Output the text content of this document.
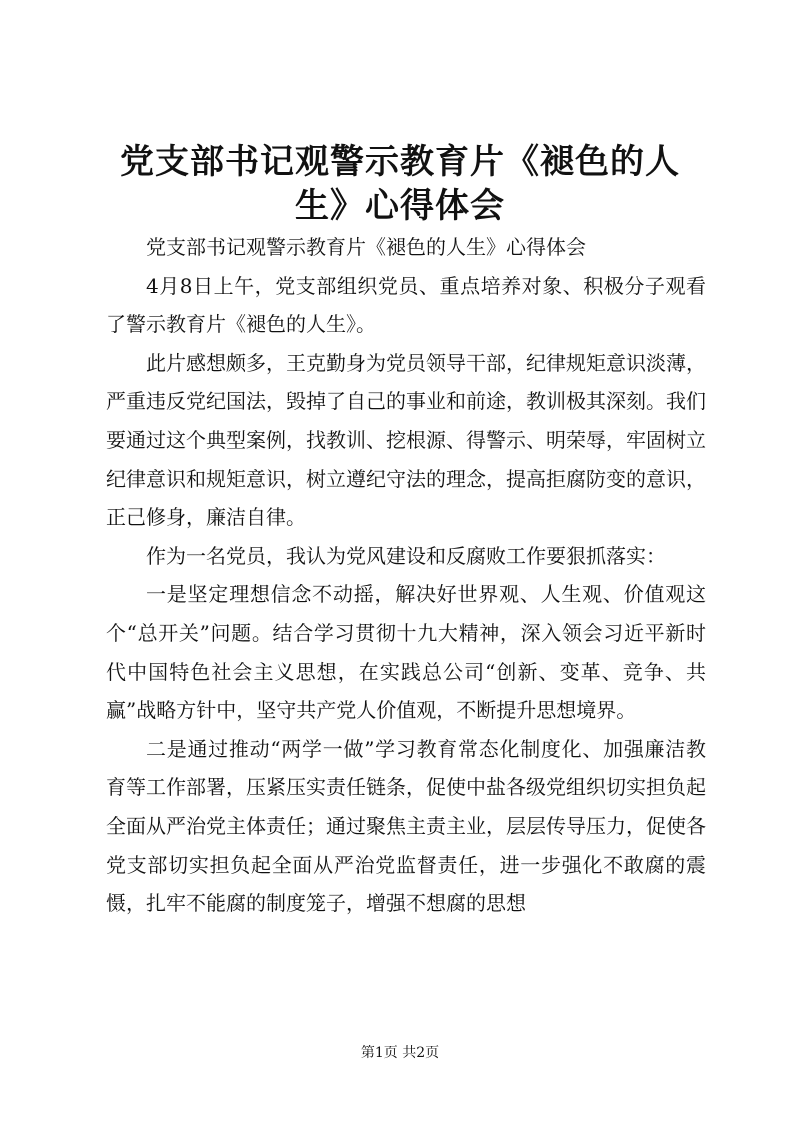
党支部书记观警示教育片《褪色的人生》心得体会

党支部书记观警示教育片《褪色的人生》心得体会

4月8日上午，党支部组织党员、重点培养对象、积极分子观看了警示教育片《褪色的人生》。

此片感想颇多，王克勤身为党员领导干部，纪律规矩意识淡薄，严重违反党纪国法，毁掉了自己的事业和前途，教训极其深刻。我们要通过这个典型案例，找教训、挖根源、得警示、明荣辱，牢固树立纪律意识和规矩意识，树立遵纪守法的理念，提高拒腐防变的意识，正己修身，廉洁自律。

作为一名党员，我认为党风建设和反腐败工作要狠抓落实：

一是坚定理想信念不动摇，解决好世界观、人生观、价值观这个“总开关”问题。结合学习贯彻十九大精神，深入领会习近平新时代中国特色社会主义思想，在实践总公司“创新、变革、竞争、共赢”战略方针中，坚守共产党人价值观，不断提升思想境界。

二是通过推动“两学一做”学习教育常态化制度化、加强廉洁教育等工作部署，压紧压实责任链条，促使中盐各级党组织切实担负起全面从严治党主体责任；通过聚焦主责主业，层层传导压力，促使各党支部切实担负起全面从严治党监督责任，进一步强化不敢腐的震慑，扎牢不能腐的制度笼子，增强不想腐的思想

第1页 共2页
